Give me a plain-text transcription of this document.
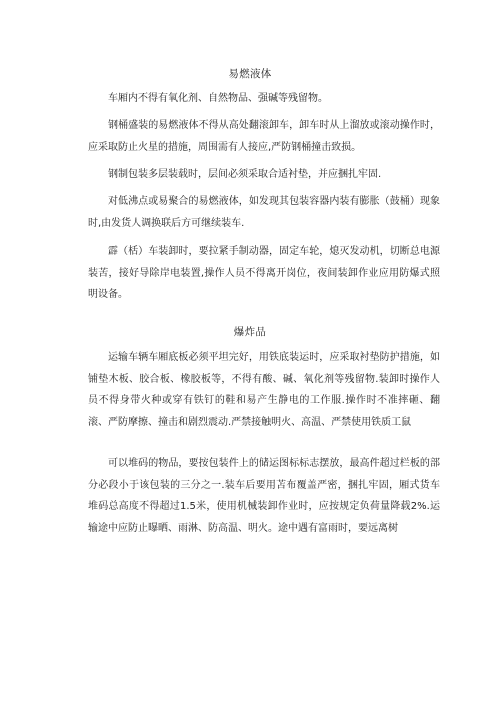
易燃液体
车厢内不得有氧化剂、自然物品、强碱等残留物。
钢桶盛装的易燃液体不得从高处翻滚卸车，卸车时从上溜放或滚动操作时，应采取防止火星的措施，周围需有人接应,严防钢桶撞击致损。
钢制包装多层装载时，层间必须采取合适衬垫，并应捆扎牢固.
对低沸点或易聚合的易燃液体，如发现其包装容器内装有膨胀（鼓桶）现象时,由发货人调换联后方可继续装车.
霹（栝）车装卸时，要拉紧手制动器，固定车轮，熄灭发动机，切断总电源装苦，接好导除岸电装置,操作人员不得离开岗位，夜间装卸作业应用防爆式照明设备。
爆炸品
运输车辆车厢底板必须平坦完好，用铁底装运时，应采取衬垫防护措施，如铺垫木板、胶合板、橡胶板等，不得有酸、碱、氧化剂等残留物.装卸时操作人员不得身带火种或穿有铁钉的鞋和易产生静电的工作服.操作时不准摔砸、翻滚、严防摩擦、撞击和剧烈震动.严禁接触明火、高温、严禁使用铁质工鼠
可以堆码的物品，要按包装件上的储运图标标志摆放，最高件超过栏板的部分必段小于该包装的三分之一.装车后要用苫布覆盖严密，捆扎牢固，厢式货车堆码总高度不得超过1.5米，使用机械装卸作业时，应按规定负荷量降载2%.运输途中应防止曝晒、雨淋、防高温、明火。途中遇有富雨时，要远离树
